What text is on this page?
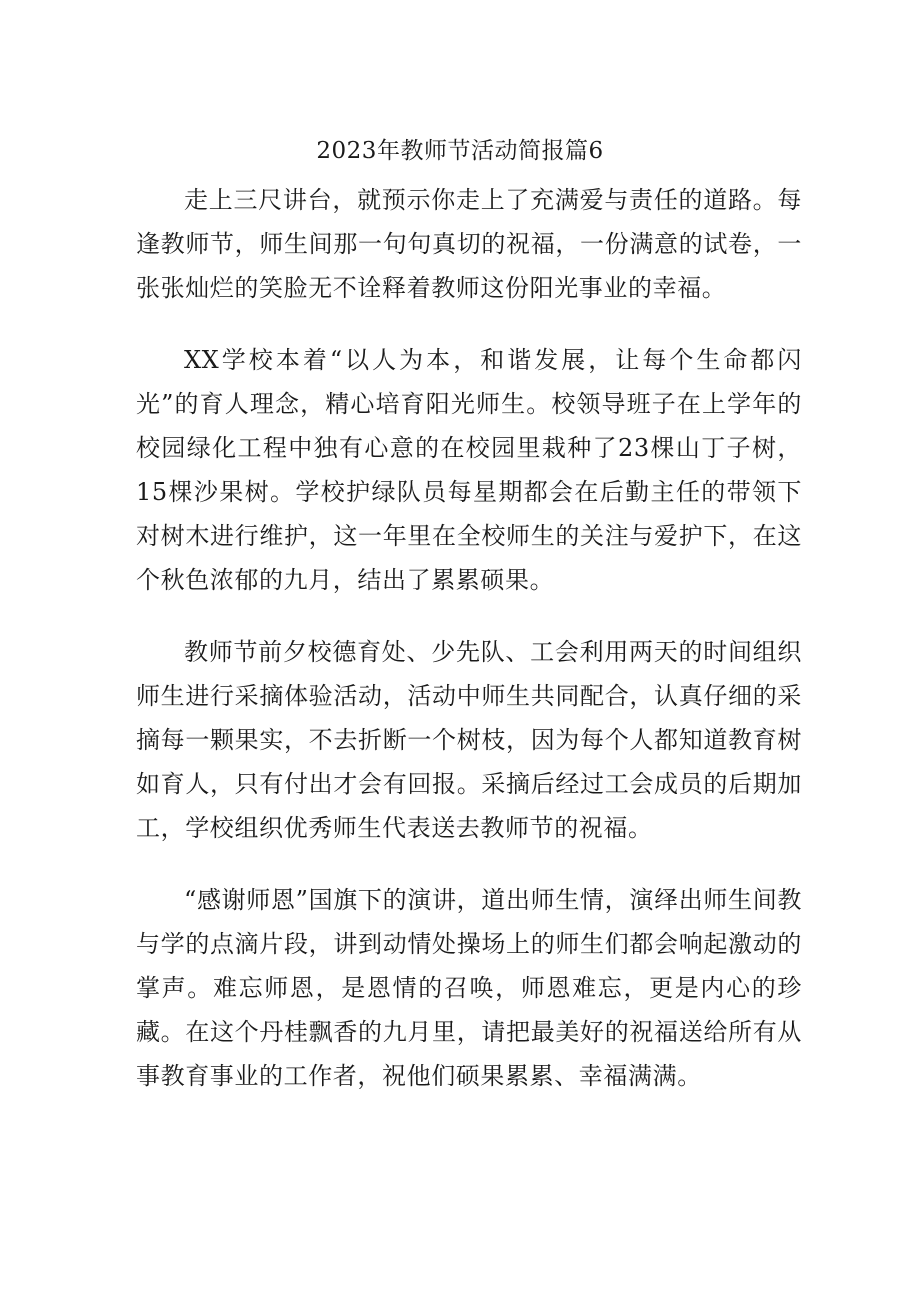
2023年教师节活动简报篇6

走上三尺讲台，就预示你走上了充满爱与责任的道路。每逢教师节，师生间那一句句真切的祝福，一份满意的试卷，一张张灿烂的笑脸无不诠释着教师这份阳光事业的幸福。

XX学校本着“以人为本，和谐发展，让每个生命都闪光”的育人理念，精心培育阳光师生。校领导班子在上学年的校园绿化工程中独有心意的在校园里栽种了23棵山丁子树，15棵沙果树。学校护绿队员每星期都会在后勤主任的带领下对树木进行维护，这一年里在全校师生的关注与爱护下，在这个秋色浓郁的九月，结出了累累硕果。

教师节前夕校德育处、少先队、工会利用两天的时间组织师生进行采摘体验活动，活动中师生共同配合，认真仔细的采摘每一颗果实，不去折断一个树枝，因为每个人都知道教育树如育人，只有付出才会有回报。采摘后经过工会成员的后期加工，学校组织优秀师生代表送去教师节的祝福。

“感谢师恩”国旗下的演讲，道出师生情，演绎出师生间教与学的点滴片段，讲到动情处操场上的师生们都会响起激动的掌声。难忘师恩，是恩情的召唤，师恩难忘，更是内心的珍藏。在这个丹桂飘香的九月里，请把最美好的祝福送给所有从事教育事业的工作者，祝他们硕果累累、幸福满满。
